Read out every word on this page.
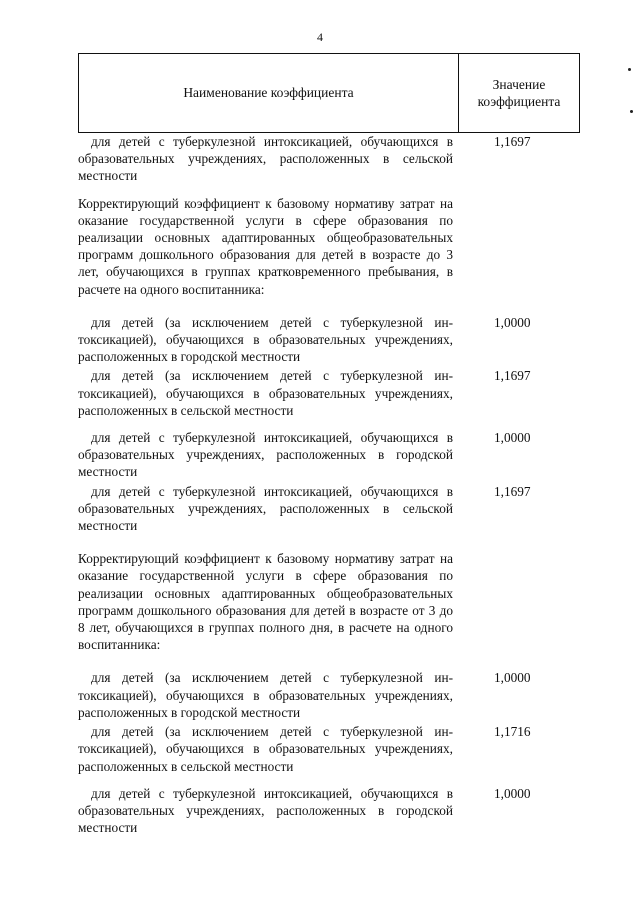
4
Наименование коэффициента
Значение
коэффициента

для детей с туберкулезной интоксикацией, обучающихся в образовательных учреждениях, расположенных в сельской местности

1,1697

Корректирующий коэффициент к базовому нормативу затрат на оказание государственной услуги в сфере образования по реализации основных адаптированных общеобразовательных программ дошкольного образования для детей в возрасте до 3 лет, обучающихся в группах кратковременного пребывания, в расчете на одного воспитанника:

для детей (за исключением детей с туберкулезной интоксикацией), обучающихся в образовательных учреждениях, расположенных в городской местности

1,0000

для детей (за исключением детей с туберкулезной интоксикацией), обучающихся в образовательных учреждениях, расположенных в сельской местности

1,1697

для детей с туберкулезной интоксикацией, обучающихся в образовательных учреждениях, расположенных в городской местности

1,0000

для детей с туберкулезной интоксикацией, обучающихся в образовательных учреждениях, расположенных в сельской местности

1,1697

Корректирующий коэффициент к базовому нормативу затрат на оказание государственной услуги в сфере образования по реализации основных адаптированных общеобразовательных программ дошкольного образования для детей в возрасте от 3 до 8 лет, обучающихся в группах полного дня, в расчете на одного воспитанника:

для детей (за исключением детей с туберкулезной интоксикацией), обучающихся в образовательных учреждениях, расположенных в городской местности

1,0000

для детей (за исключением детей с туберкулезной интоксикацией), обучающихся в образовательных учреждениях, расположенных в сельской местности

1,1716

для детей с туберкулезной интоксикацией, обучающихся в образовательных учреждениях, расположенных в городской местности

1,0000
